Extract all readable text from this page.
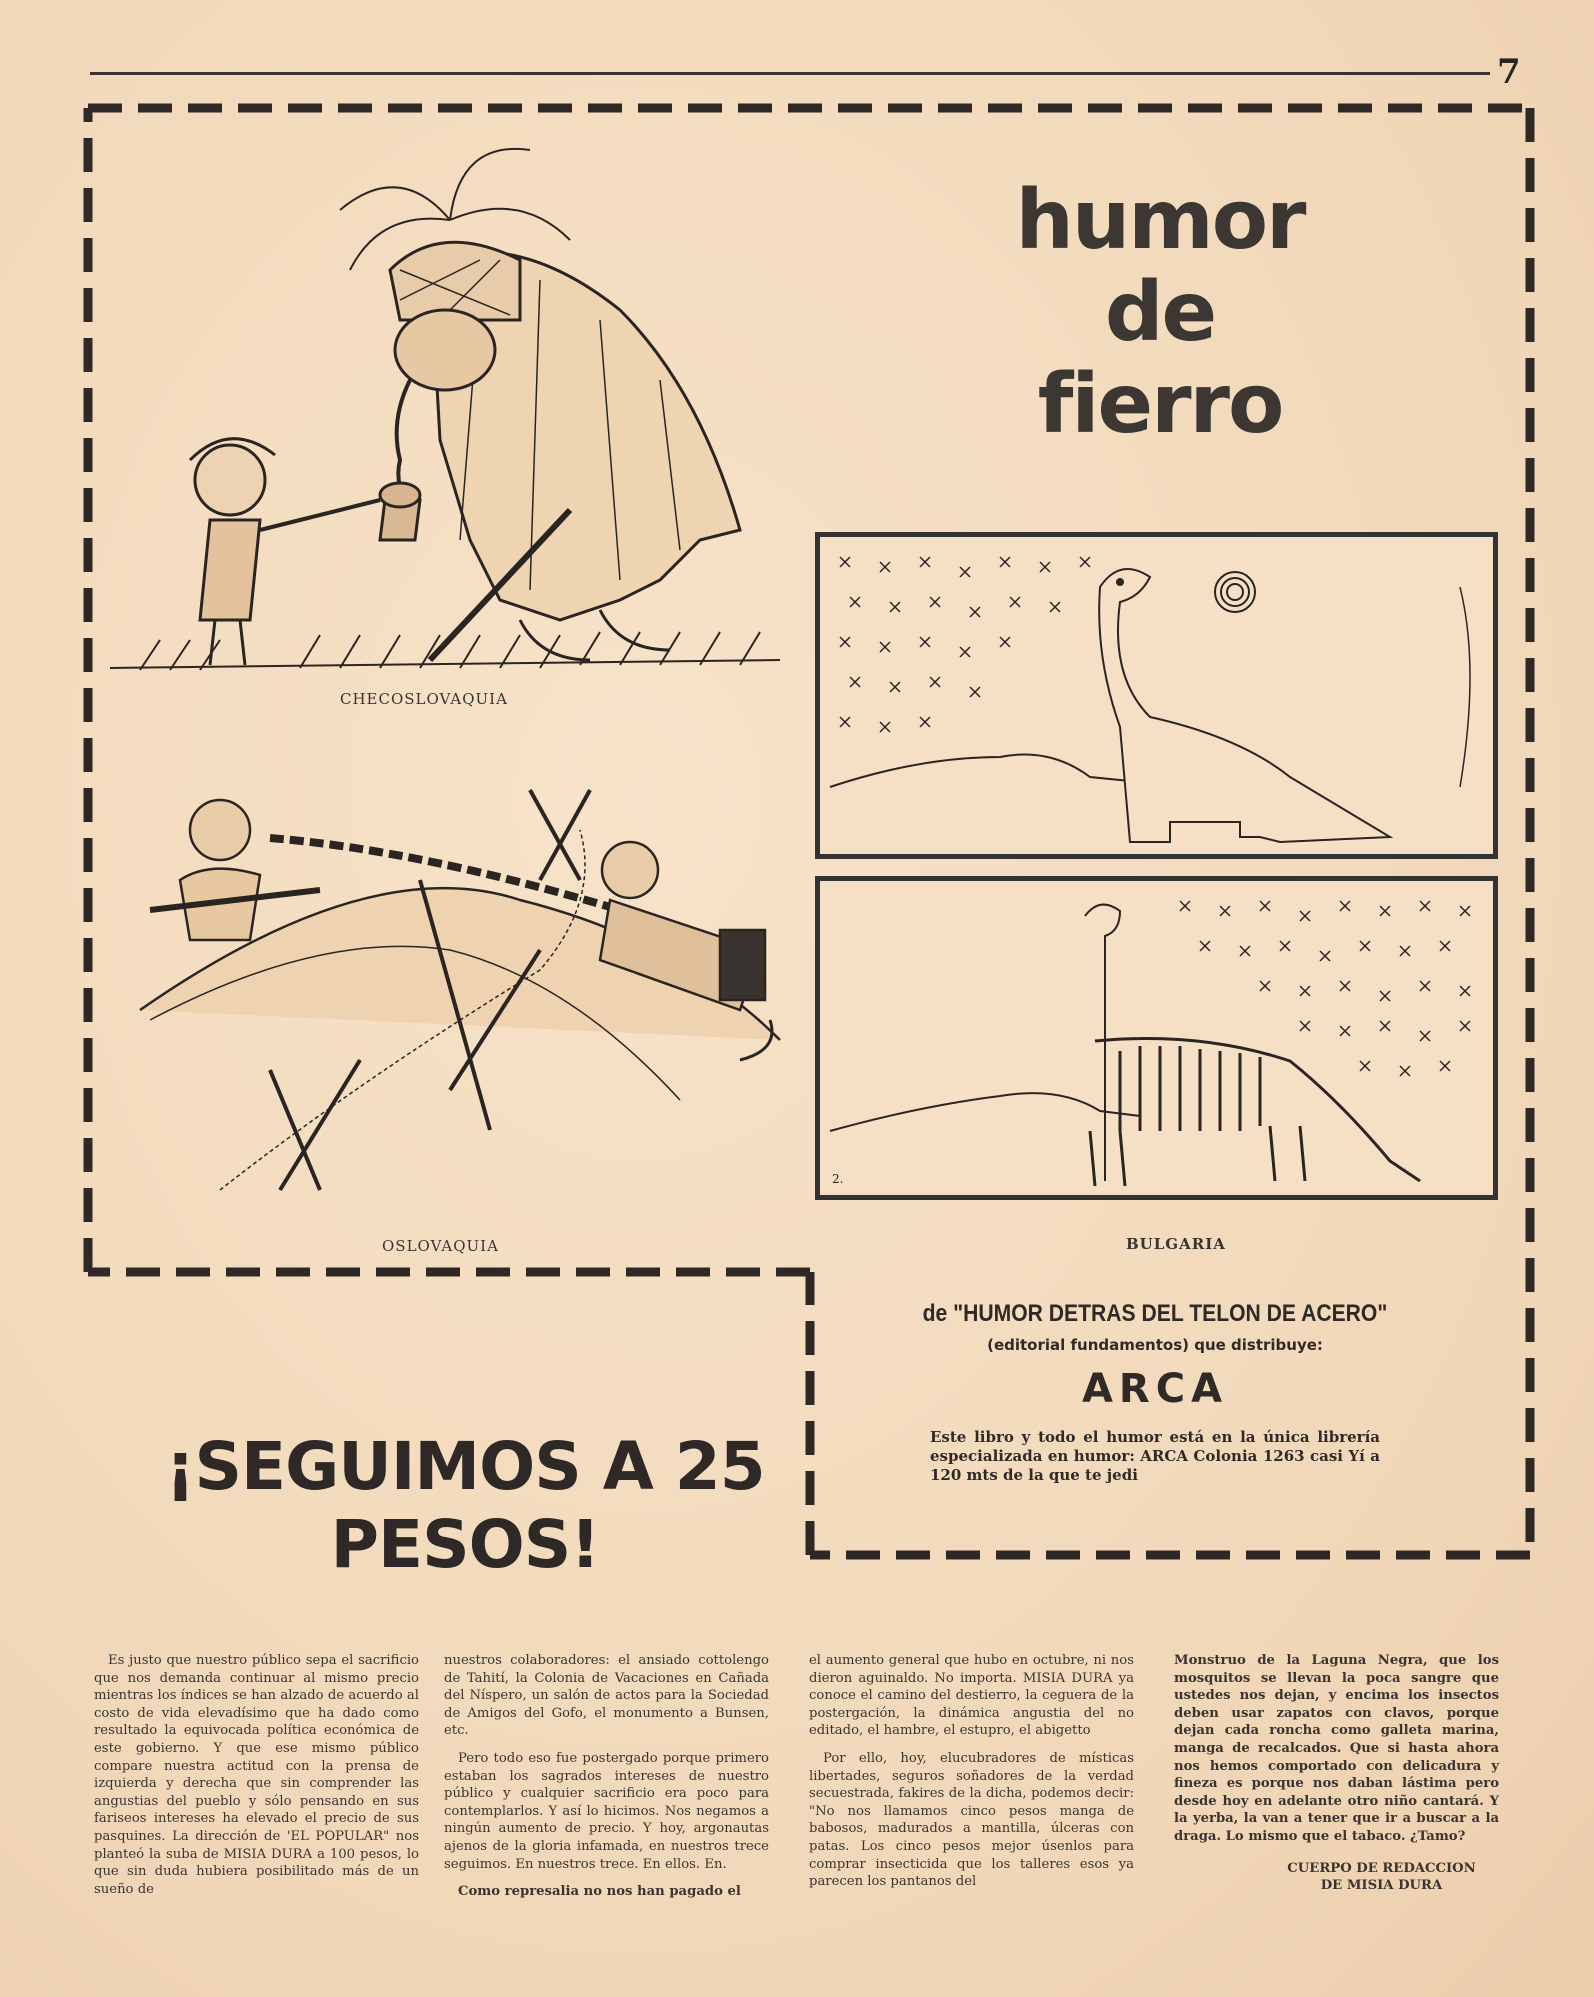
7
humor
de
fierro
CHECOSLOVAQUIA
OSLOVAQUIA
2.
BULGARIA
de "HUMOR DETRAS DEL TELON DE ACERO"
(editorial fundamentos) que distribuye:
ARCA
Este libro y todo el humor está en la única librería especializada en humor: ARCA Colonia 1263 casi Yí a 120 mts de la que te jedi
¡SEGUIMOS A 25
PESOS!

Es justo que nuestro público sepa el sacrificio que nos demanda continuar al mismo precio mientras los índices se han alzado de acuerdo al costo de vida elevadísimo que ha dado como resultado la equivocada política económica de este gobierno. Y que ese mismo público compare nuestra actitud con la prensa de izquierda y derecha que sin comprender las angustias del pueblo y sólo pensando en sus fariseos intereses ha elevado el precio de sus pasquines. La dirección de 'EL POPULAR" nos planteó la suba de MISIA DURA a 100 pesos, lo que sin duda hubiera posibilitado más de un sueño de

nuestros colaboradores: el ansiado cottolengo de Tahití, la Colonia de Vacaciones en Cañada del Níspero, un salón de actos para la Sociedad de Amigos del Gofo, el monumento a Bunsen, etc.

Pero todo eso fue postergado porque primero estaban los sagrados intereses de nuestro público y cualquier sacrificio era poco para contemplarlos. Y así lo hicimos. Nos negamos a ningún aumento de precio. Y hoy, argonautas ajenos de la gloria infamada, en nuestros trece seguimos. En nuestros trece. En ellos. En.

Como represalia no nos han pagado el

el aumento general que hubo en octubre, ni nos dieron aguinaldo. No importa. MISIA DURA ya conoce el camino del destierro, la ceguera de la postergación, la dinámica angustia del no editado, el hambre, el estupro, el abigetto

Por ello, hoy, elucubradores de místicas libertades, seguros soñadores de la verdad secuestrada, fakires de la dicha, podemos decir: "No nos llamamos cinco pesos manga de babosos, madurados a mantilla, úlceras con patas. Los cinco pesos mejor úsenlos para comprar insecticida que los talleres esos ya parecen los pantanos del

Monstruo de la Laguna Negra, que los mosquitos se llevan la poca sangre que ustedes nos dejan, y encima los insectos deben usar zapatos con clavos, porque dejan cada roncha como galleta marina, manga de recalcados. Que si hasta ahora nos hemos comportado con delicadura y fineza es porque nos daban lástima pero desde hoy en adelante otro niño cantará. Y la yerba, la van a tener que ir a buscar a la draga. Lo mismo que el tabaco. ¿Tamo?

CUERPO DE REDACCION
DE MISIA DURA
